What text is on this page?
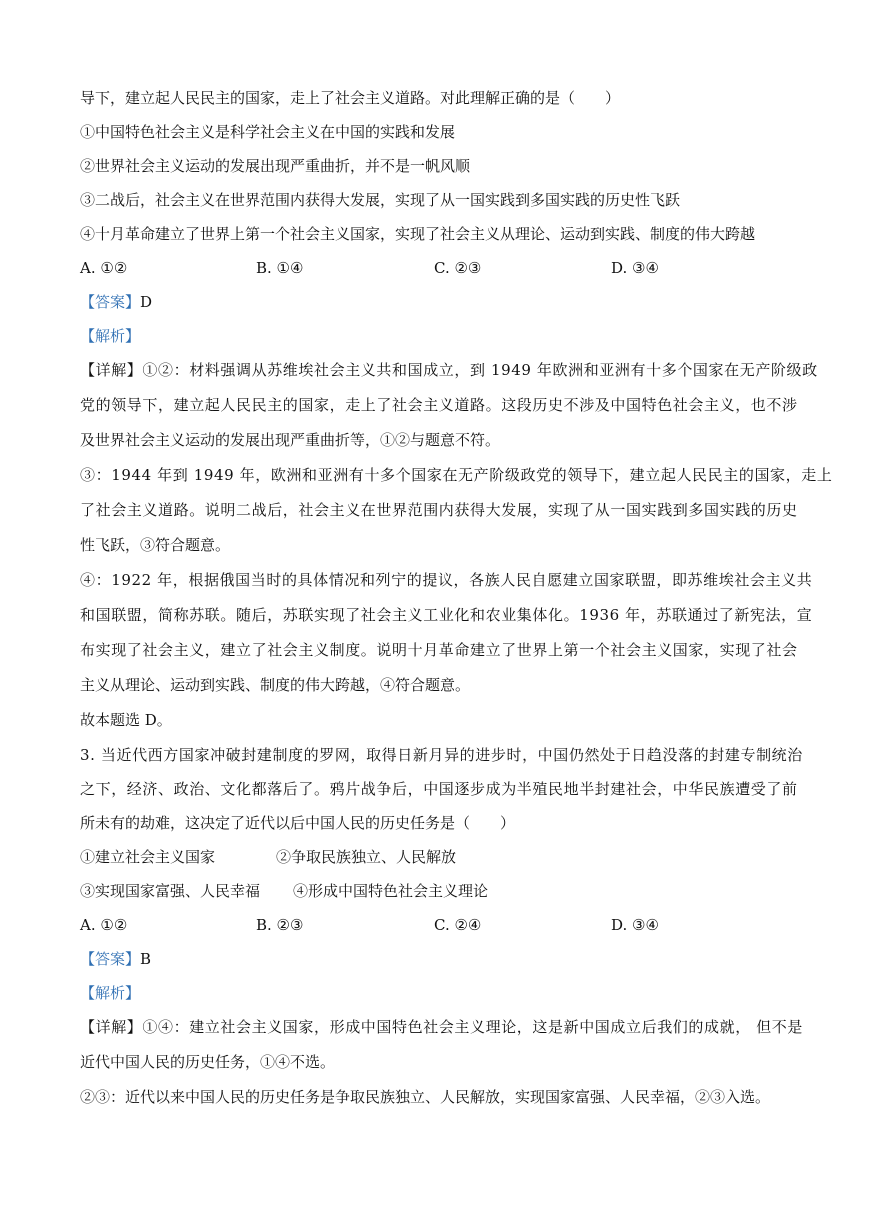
导下，建立起人民民主的国家，走上了社会主义道路。对此理解正确的是（　　）
①中国特色社会主义是科学社会主义在中国的实践和发展
②世界社会主义运动的发展出现严重曲折，并不是一帆风顺
③二战后，社会主义在世界范围内获得大发展，实现了从一国实践到多国实践的历史性飞跃
④十月革命建立了世界上第一个社会主义国家，实现了社会主义从理论、运动到实践、制度的伟大跨越
A. ①②	B. ①④	C. ②③	D. ③④
【答案】D
【解析】
【详解】①②：材料强调从苏维埃社会主义共和国成立，到 1949 年欧洲和亚洲有十多个国家在无产阶级政
党的领导下，建立起人民民主的国家，走上了社会主义道路。这段历史不涉及中国特色社会主义，也不涉
及世界社会主义运动的发展出现严重曲折等，①②与题意不符。
③：1944 年到 1949 年，欧洲和亚洲有十多个国家在无产阶级政党的领导下，建立起人民民主的国家，走上
了社会主义道路。说明二战后，社会主义在世界范围内获得大发展，实现了从一国实践到多国实践的历史
性飞跃，③符合题意。
④：1922 年，根据俄国当时的具体情况和列宁的提议，各族人民自愿建立国家联盟，即苏维埃社会主义共
和国联盟，简称苏联。随后，苏联实现了社会主义工业化和农业集体化。1936 年，苏联通过了新宪法，宣
布实现了社会主义，建立了社会主义制度。说明十月革命建立了世界上第一个社会主义国家，实现了社会
主义从理论、运动到实践、制度的伟大跨越，④符合题意。
故本题选 D。
3. 当近代西方国家冲破封建制度的罗网，取得日新月异的进步时，中国仍然处于日趋没落的封建专制统治
之下，经济、政治、文化都落后了。鸦片战争后，中国逐步成为半殖民地半封建社会，中华民族遭受了前
所未有的劫难，这决定了近代以后中国人民的历史任务是（　　）
①建立社会主义国家	②争取民族独立、人民解放
③实现国家富强、人民幸福 ④形成中国特色社会主义理论
A. ①②	B. ②③	C. ②④	D. ③④
【答案】B
【解析】
【详解】①④：建立社会主义国家，形成中国特色社会主义理论，这是新中国成立后我们的成就， 但不是
近代中国人民的历史任务，①④不选。
②③：近代以来中国人民的历史任务是争取民族独立、人民解放，实现国家富强、人民幸福，②③入选。
